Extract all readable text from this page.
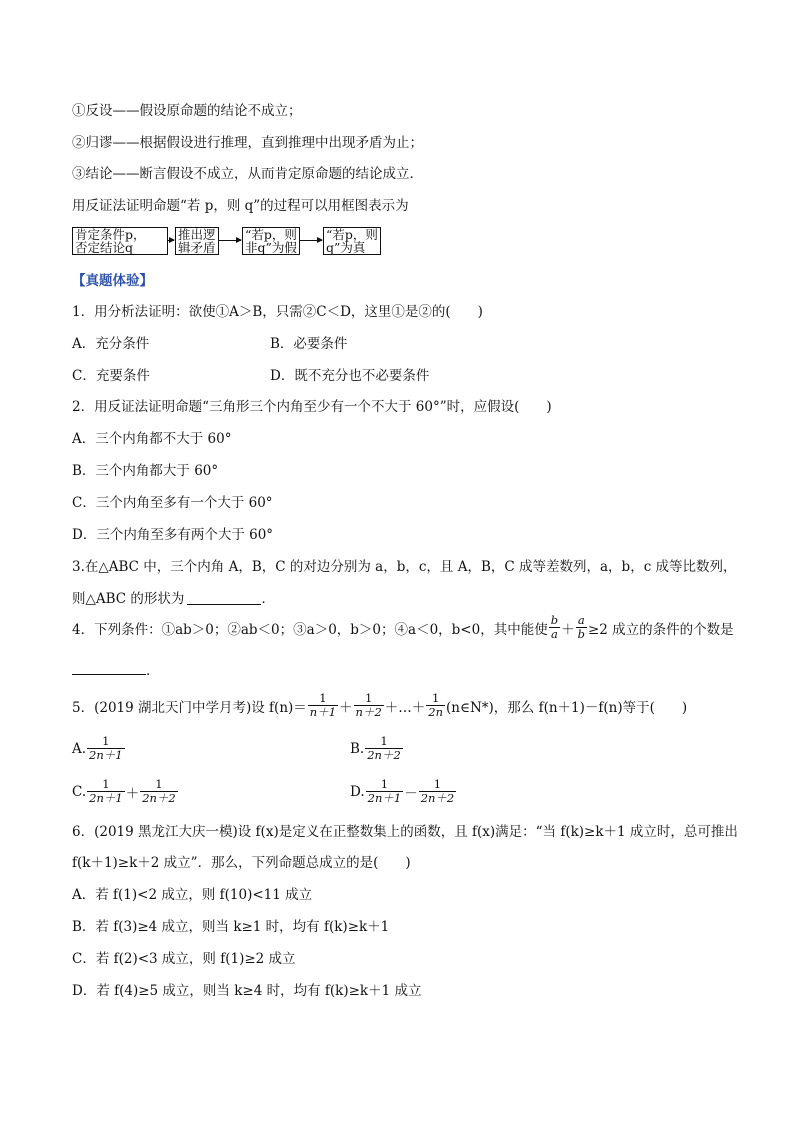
①反设——假设原命题的结论不成立；
②归谬——根据假设进行推理，直到推理中出现矛盾为止；
③结论——断言假设不成立，从而肯定原命题的结论成立．
用反证法证明命题“若 p，则 q”的过程可以用框图表示为
肯定条件p，
否定结论q
推出逻
辑矛盾
“若p，则
非q”为假
“若p，则
q”为真
【真题体验】
1．用分析法证明：欲使①A＞B，只需②C＜D，这里①是②的(　　)
A．充分条件	B．必要条件
C．充要条件	D．既不充分也不必要条件
2．用反证法证明命题“三角形三个内角至少有一个不大于 60°”时，应假设(　　)
A．三个内角都不大于 60°
B．三个内角都大于 60°
C．三个内角至多有一个大于 60°
D．三个内角至多有两个大于 60°
3.在△ABC 中，三个内角 A，B，C 的对边分别为 a，b，c，且 A，B，C 成等差数列，a，b，c 成等比数列，
则△ABC 的形状为	．
4．下列条件：①ab＞0；②ab＜0；③a＞0，b＞0；④a＜0，b<0，其中能使 $\frac{b}{a} + \frac{a}{b} \ge 2$ 成立的条件的个数是
．
5．(2019 湖北天门中学月考)设 $f(n)= \frac{1}{n+1} + \frac{1}{n+2}$ ＋…＋ $\frac{1}{2n}$ (n∈N*)，那么 f(n＋1)－f(n)等于(　　)
A. $\frac{1}{2n+1}$	B. $\frac{1}{2n+2}$
C. $\frac{1}{2n+1} + \frac{1}{2n+2}$	D. $\frac{1}{2n+1} - \frac{1}{2n+2}$
6．(2019 黑龙江大庆一模)设 f(x)是定义在正整数集上的函数，且 f(x)满足：“当 f(k)≥k＋1 成立时，总可推出
f(k＋1)≥k＋2 成立”．那么，下列命题总成立的是(　　)
A．若 f(1)<2 成立，则 f(10)<11 成立
B．若 f(3)≥4 成立，则当 k≥1 时，均有 f(k)≥k＋1
C．若 f(2)<3 成立，则 f(1)≥2 成立
D．若 f(4)≥5 成立，则当 k≥4 时，均有 f(k)≥k＋1 成立
